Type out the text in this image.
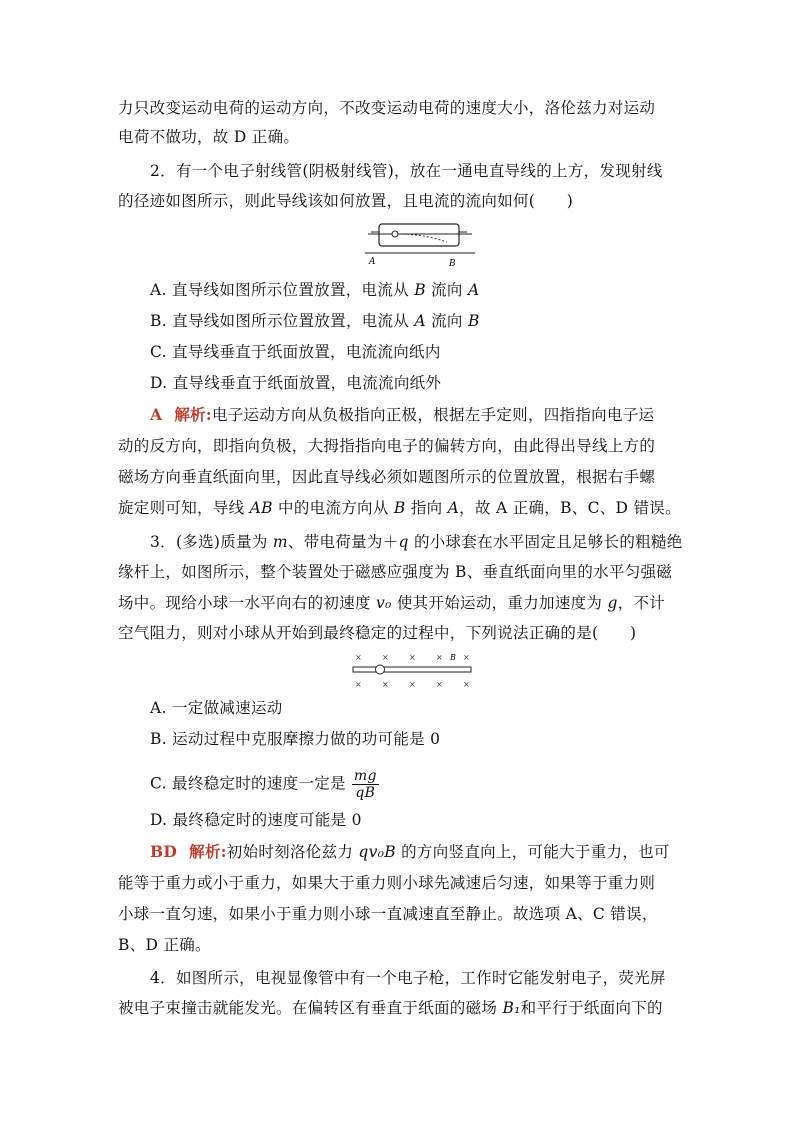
力只改变运动电荷的运动方向，不改变运动电荷的速度大小，洛伦兹力对运动
电荷不做功，故 D 正确。
2．有一个电子射线管(阴极射线管)，放在一通电直导线的上方，发现射线
的径迹如图所示，则此导线该如何放置，且电流的流向如何(　　)
A	B
A. 直导线如图所示位置放置，电流从 B 流向 A
B. 直导线如图所示位置放置，电流从 A 流向 B
C. 直导线垂直于纸面放置，电流流向纸内
D. 直导线垂直于纸面放置，电流流向纸外
A 解析:电子运动方向从负极指向正极，根据左手定则，四指指向电子运
动的反方向，即指向负极，大拇指指向电子的偏转方向，由此得出导线上方的
磁场方向垂直纸面向里，因此直导线必须如题图所示的位置放置，根据右手螺
旋定则可知，导线 AB 中的电流方向从 B 指向 A，故 A 正确，B、C、D 错误。
3．(多选)质量为 m、带电荷量为＋q 的小球套在水平固定且足够长的粗糙绝
缘杆上，如图所示，整个装置处于磁感应强度为 B、垂直纸面向里的水平匀强磁
场中。现给小球一水平向右的初速度 v₀ 使其开始运动，重力加速度为 g，不计
空气阻力，则对小球从开始到最终稳定的过程中，下列说法正确的是(　　)
×	×	×	×	×
×	×	×	×	×
B
A. 一定做减速运动
B. 运动过程中克服摩擦力做的功可能是 0
C. 最终稳定时的速度一定是 $\frac{mg}{qB}$
D. 最终稳定时的速度可能是 0
BD 解析:初始时刻洛伦兹力 qv₀B 的方向竖直向上，可能大于重力，也可
能等于重力或小于重力，如果大于重力则小球先减速后匀速，如果等于重力则
小球一直匀速，如果小于重力则小球一直减速直至静止。故选项 A、C 错误，
B、D 正确。
4．如图所示，电视显像管中有一个电子枪，工作时它能发射电子，荧光屏
被电子束撞击就能发光。在偏转区有垂直于纸面的磁场 B₁和平行于纸面向下的
